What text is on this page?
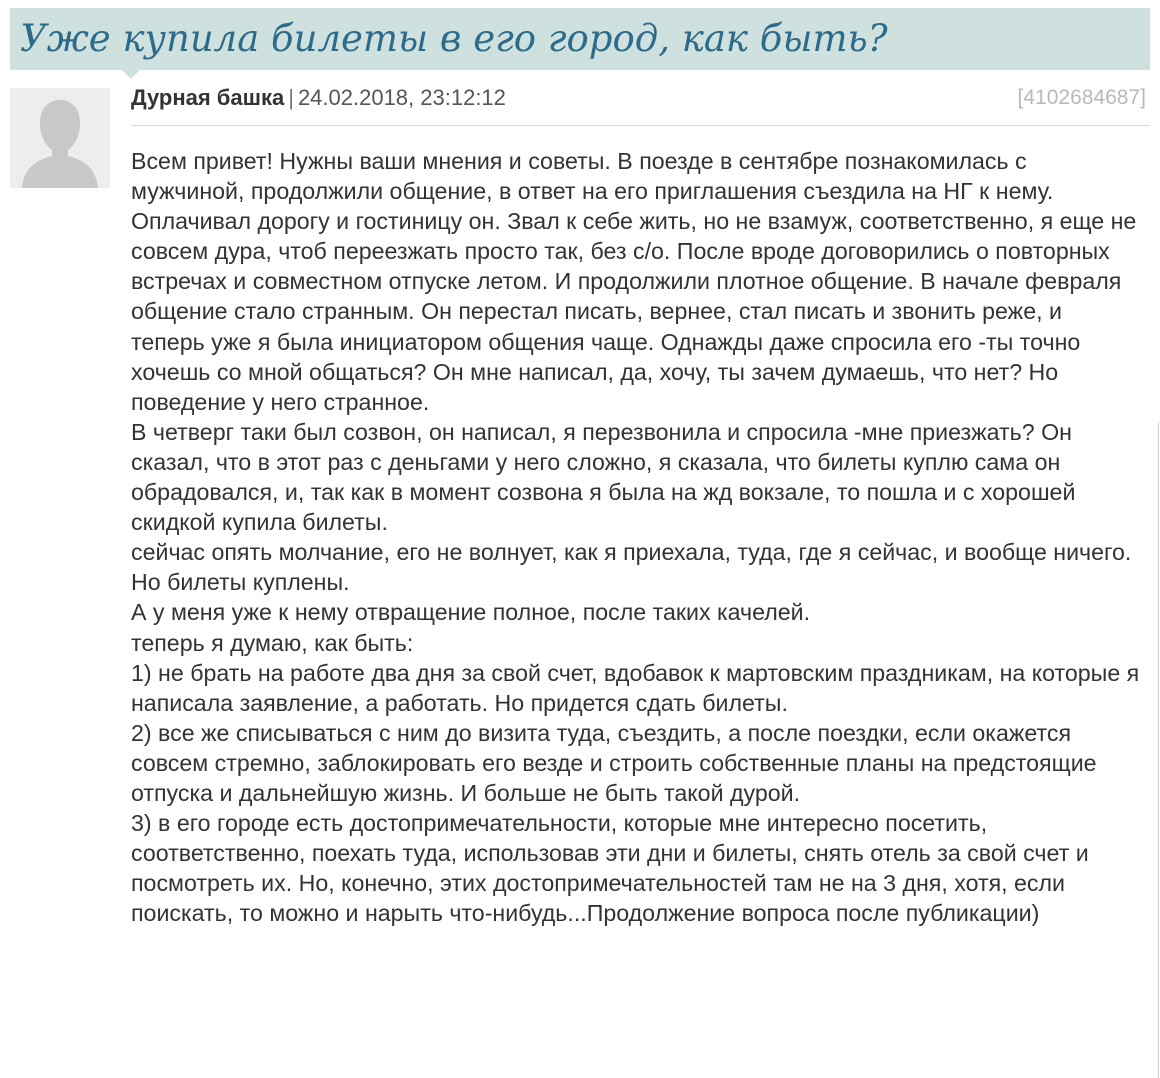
Уже купила билеты в его город, как быть?
Дурная башка | 24.02.2018, 23:12:12	[4102684687]

Всем привет! Нужны ваши мнения и советы. В поезде в сентябре познакомилась с мужчиной, продолжили общение, в ответ на его приглашения съездила на НГ к нему. Оплачивал дорогу и гостиницу он. Звал к себе жить, но не взамуж, соответственно, я еще не совсем дура, чтоб переезжать просто так, без с/о. После вроде договорились о повторных встречах и совместном отпуске летом. И продолжили плотное общение. В начале февраля общение стало странным. Он перестал писать, вернее, стал писать и звонить реже, и теперь уже я была инициатором общения чаще. Однажды даже спросила его -ты точно хочешь со мной общаться? Он мне написал, да, хочу, ты зачем думаешь, что нет? Но поведение у него странное.

В четверг таки был созвон, он написал, я перезвонила и спросила -мне приезжать? Он сказал, что в этот раз с деньгами у него сложно, я сказала, что билеты куплю сама он обрадовался, и, так как в момент созвона я была на жд вокзале, то пошла и с хорошей скидкой купила билеты.

сейчас опять молчание, его не волнует, как я приехала, туда, где я сейчас, и вообще ничего. Но билеты куплены.

А у меня уже к нему отвращение полное, после таких качелей.

теперь я думаю, как быть:

1) не брать на работе два дня за свой счет, вдобавок к мартовским праздникам, на которые я написала заявление, а работать. Но придется сдать билеты.

2) все же списываться с ним до визита туда, съездить, а после поездки, если окажется совсем стремно, заблокировать его везде и строить собственные планы на предстоящие отпуска и дальнейшую жизнь. И больше не быть такой дурой.

3) в его городе есть достопримечательности, которые мне интересно посетить, соответственно, поехать туда, использовав эти дни и билеты, снять отель за свой счет и посмотреть их. Но, конечно, этих достопримечательностей там не на 3 дня, хотя, если поискать, то можно и нарыть что-нибудь...Продолжение вопроса после публикации)
